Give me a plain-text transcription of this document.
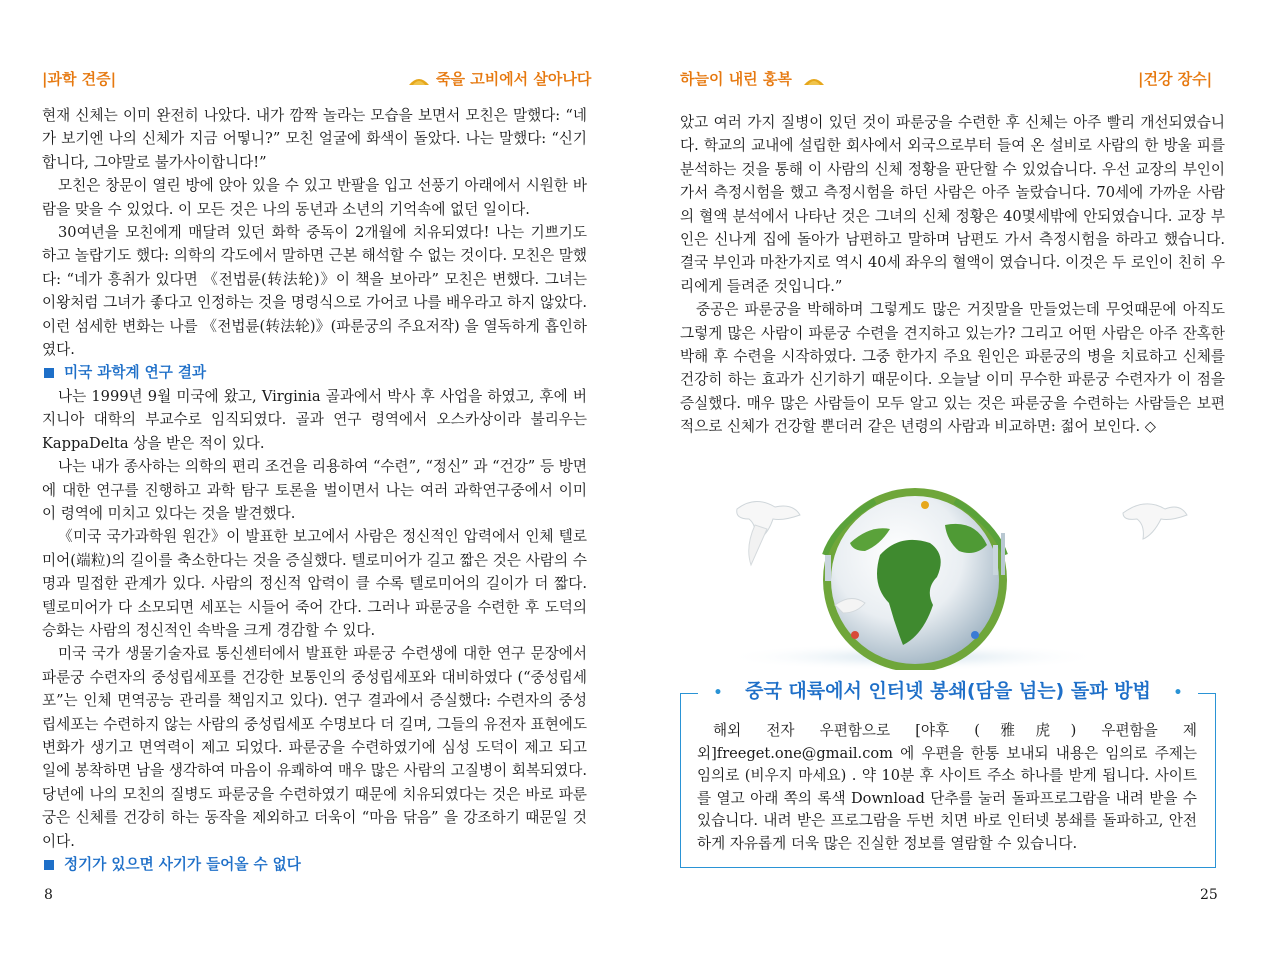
|과학 견증|	죽을 고비에서 살아나다

현재 신체는 이미 완전히 나았다. 내가 깜짝 놀라는 모습을 보면서 모친은 말했다: “네가 보기엔 나의 신체가 지금 어떻니?” 모친 얼굴에 화색이 돌았다. 나는 말했다: “신기합니다, 그야말로 불가사이합니다!”

모친은 창문이 열린 방에 앉아 있을 수 있고 반팔을 입고 선풍기 아래에서 시원한 바람을 맞을 수 있었다. 이 모든 것은 나의 동년과 소년의 기억속에 없던 일이다.

30여년을 모친에게 매달려 있던 화학 중독이 2개월에 치유되였다! 나는 기쁘기도 하고 놀랍기도 했다: 의학의 각도에서 말하면 근본 해석할 수 없는 것이다. 모친은 말했다: “네가 흥취가 있다면 《전법륜(转法轮)》이 책을 보아라” 모친은 변했다. 그녀는 이왕처럼 그녀가 좋다고 인정하는 것을 명령식으로 가어코 나를 배우라고 하지 않았다. 이런 섬세한 변화는 나를 《전법륜(转法轮)》(파룬궁의 주요저작) 을 열독하게 흡인하였다.

미국 과학계 연구 결과

나는 1999년 9월 미국에 왔고, Virginia 골과에서 박사 후 사업을 하였고, 후에 버지니아 대학의 부교수로 임직되였다. 골과 연구 령역에서 오스카상이라 불리우는 KappaDelta 상을 받은 적이 있다.

나는 내가 종사하는 의학의 편리 조건을 리용하여 “수련”, “정신” 과 “건강” 등 방면에 대한 연구를 진행하고 과학 탐구 토론을 벌이면서 나는 여러 과학연구중에서 이미 이 령역에 미치고 있다는 것을 발견했다.

《미국 국가과학원 원간》이 발표한 보고에서 사람은 정신적인 압력에서 인체 텔로미어(端粒)의 길이를 축소한다는 것을 증실했다. 텔로미어가 길고 짧은 것은 사람의 수명과 밀접한 관계가 있다. 사람의 정신적 압력이 클 수록 텔로미어의 길이가 더 짧다. 텔로미어가 다 소모되면 세포는 시들어 죽어 간다. 그러나 파룬궁을 수련한 후 도덕의 승화는 사람의 정신적인 속박을 크게 경감할 수 있다.

미국 국가 생물기술자료 통신센터에서 발표한 파룬궁 수련생에 대한 연구 문장에서 파룬궁 수련자의 중성립세포를 건강한 보통인의 중성립세포와 대비하였다 (“중성립세포”는 인체 면역공능 관리를 책임지고 있다). 연구 결과에서 증실했다: 수련자의 중성립세포는 수련하지 않는 사람의 중성립세포 수명보다 더 길며, 그들의 유전자 표현에도 변화가 생기고 면역력이 제고 되었다. 파룬궁을 수련하였기에 심성 도덕이 제고 되고 일에 봉착하면 남을 생각하여 마음이 유쾌하여 매우 많은 사람의 고질병이 회복되였다. 당년에 나의 모친의 질병도 파룬궁을 수련하였기 때문에 치유되였다는 것은 바로 파룬궁은 신체를 건강히 하는 동작을 제외하고 더욱이 “마음 닦음” 을 강조하기 때문일 것이다.

정기가 있으면 사기가 들어올 수 없다

8
하늘이 내린 홍복	|건강 장수|

았고 여러 가지 질병이 있던 것이 파룬궁을 수련한 후 신체는 아주 빨리 개선되였습니다. 학교의 교내에 설립한 회사에서 외국으로부터 들여 온 설비로 사람의 한 방울 피를 분석하는 것을 통해 이 사람의 신체 정황을 판단할 수 있었습니다. 우선 교장의 부인이 가서 측정시험을 했고 측정시험을 하던 사람은 아주 놀랐습니다. 70세에 가까운 사람의 혈액 분석에서 나타난 것은 그녀의 신체 정황은 40몇세밖에 안되였습니다. 교장 부인은 신나게 집에 돌아가 남편하고 말하며 남편도 가서 측정시험을 하라고 했습니다. 결국 부인과 마찬가지로 역시 40세 좌우의 혈액이 였습니다. 이것은 두 로인이 친히 우리에게 들려준 것입니다.”

중공은 파룬궁을 박해하며 그렇게도 많은 거짓말을 만들었는데 무엇때문에 아직도 그렇게 많은 사람이 파룬궁 수련을 견지하고 있는가? 그리고 어떤 사람은 아주 잔혹한 박해 후 수련을 시작하였다. 그중 한가지 주요 원인은 파룬궁의 병을 치료하고 신체를 건강히 하는 효과가 신기하기 때문이다. 오늘날 이미 무수한 파룬궁 수련자가 이 점을 증실했다. 매우 많은 사람들이 모두 알고 있는 것은 파룬궁을 수련하는 사람들은 보편적으로 신체가 건강할 뿐더러 같은 년령의 사람과 비교하면: 젊어 보인다. ◇

25
• 중국 대륙에서 인터넷 봉쇄(담을 넘는) 돌파 방법 •

해외 전자 우편함으로 [야후 (雅虎) 우편함을 제외]freeget.one@gmail.com 에 우편을 한통 보내되 내용은 임의로 주제는 임의로 (비우지 마세요) . 약 10분 후 사이트 주소 하나를 받게 됩니다. 사이트를 열고 아래 쪽의 록색 Download 단추를 눌러 돌파프로그람을 내려 받을 수 있습니다. 내려 받은 프로그람을 두번 치면 바로 인터넷 봉쇄를 돌파하고, 안전하게 자유롭게 더욱 많은 진실한 정보를 열람할 수 있습니다.
